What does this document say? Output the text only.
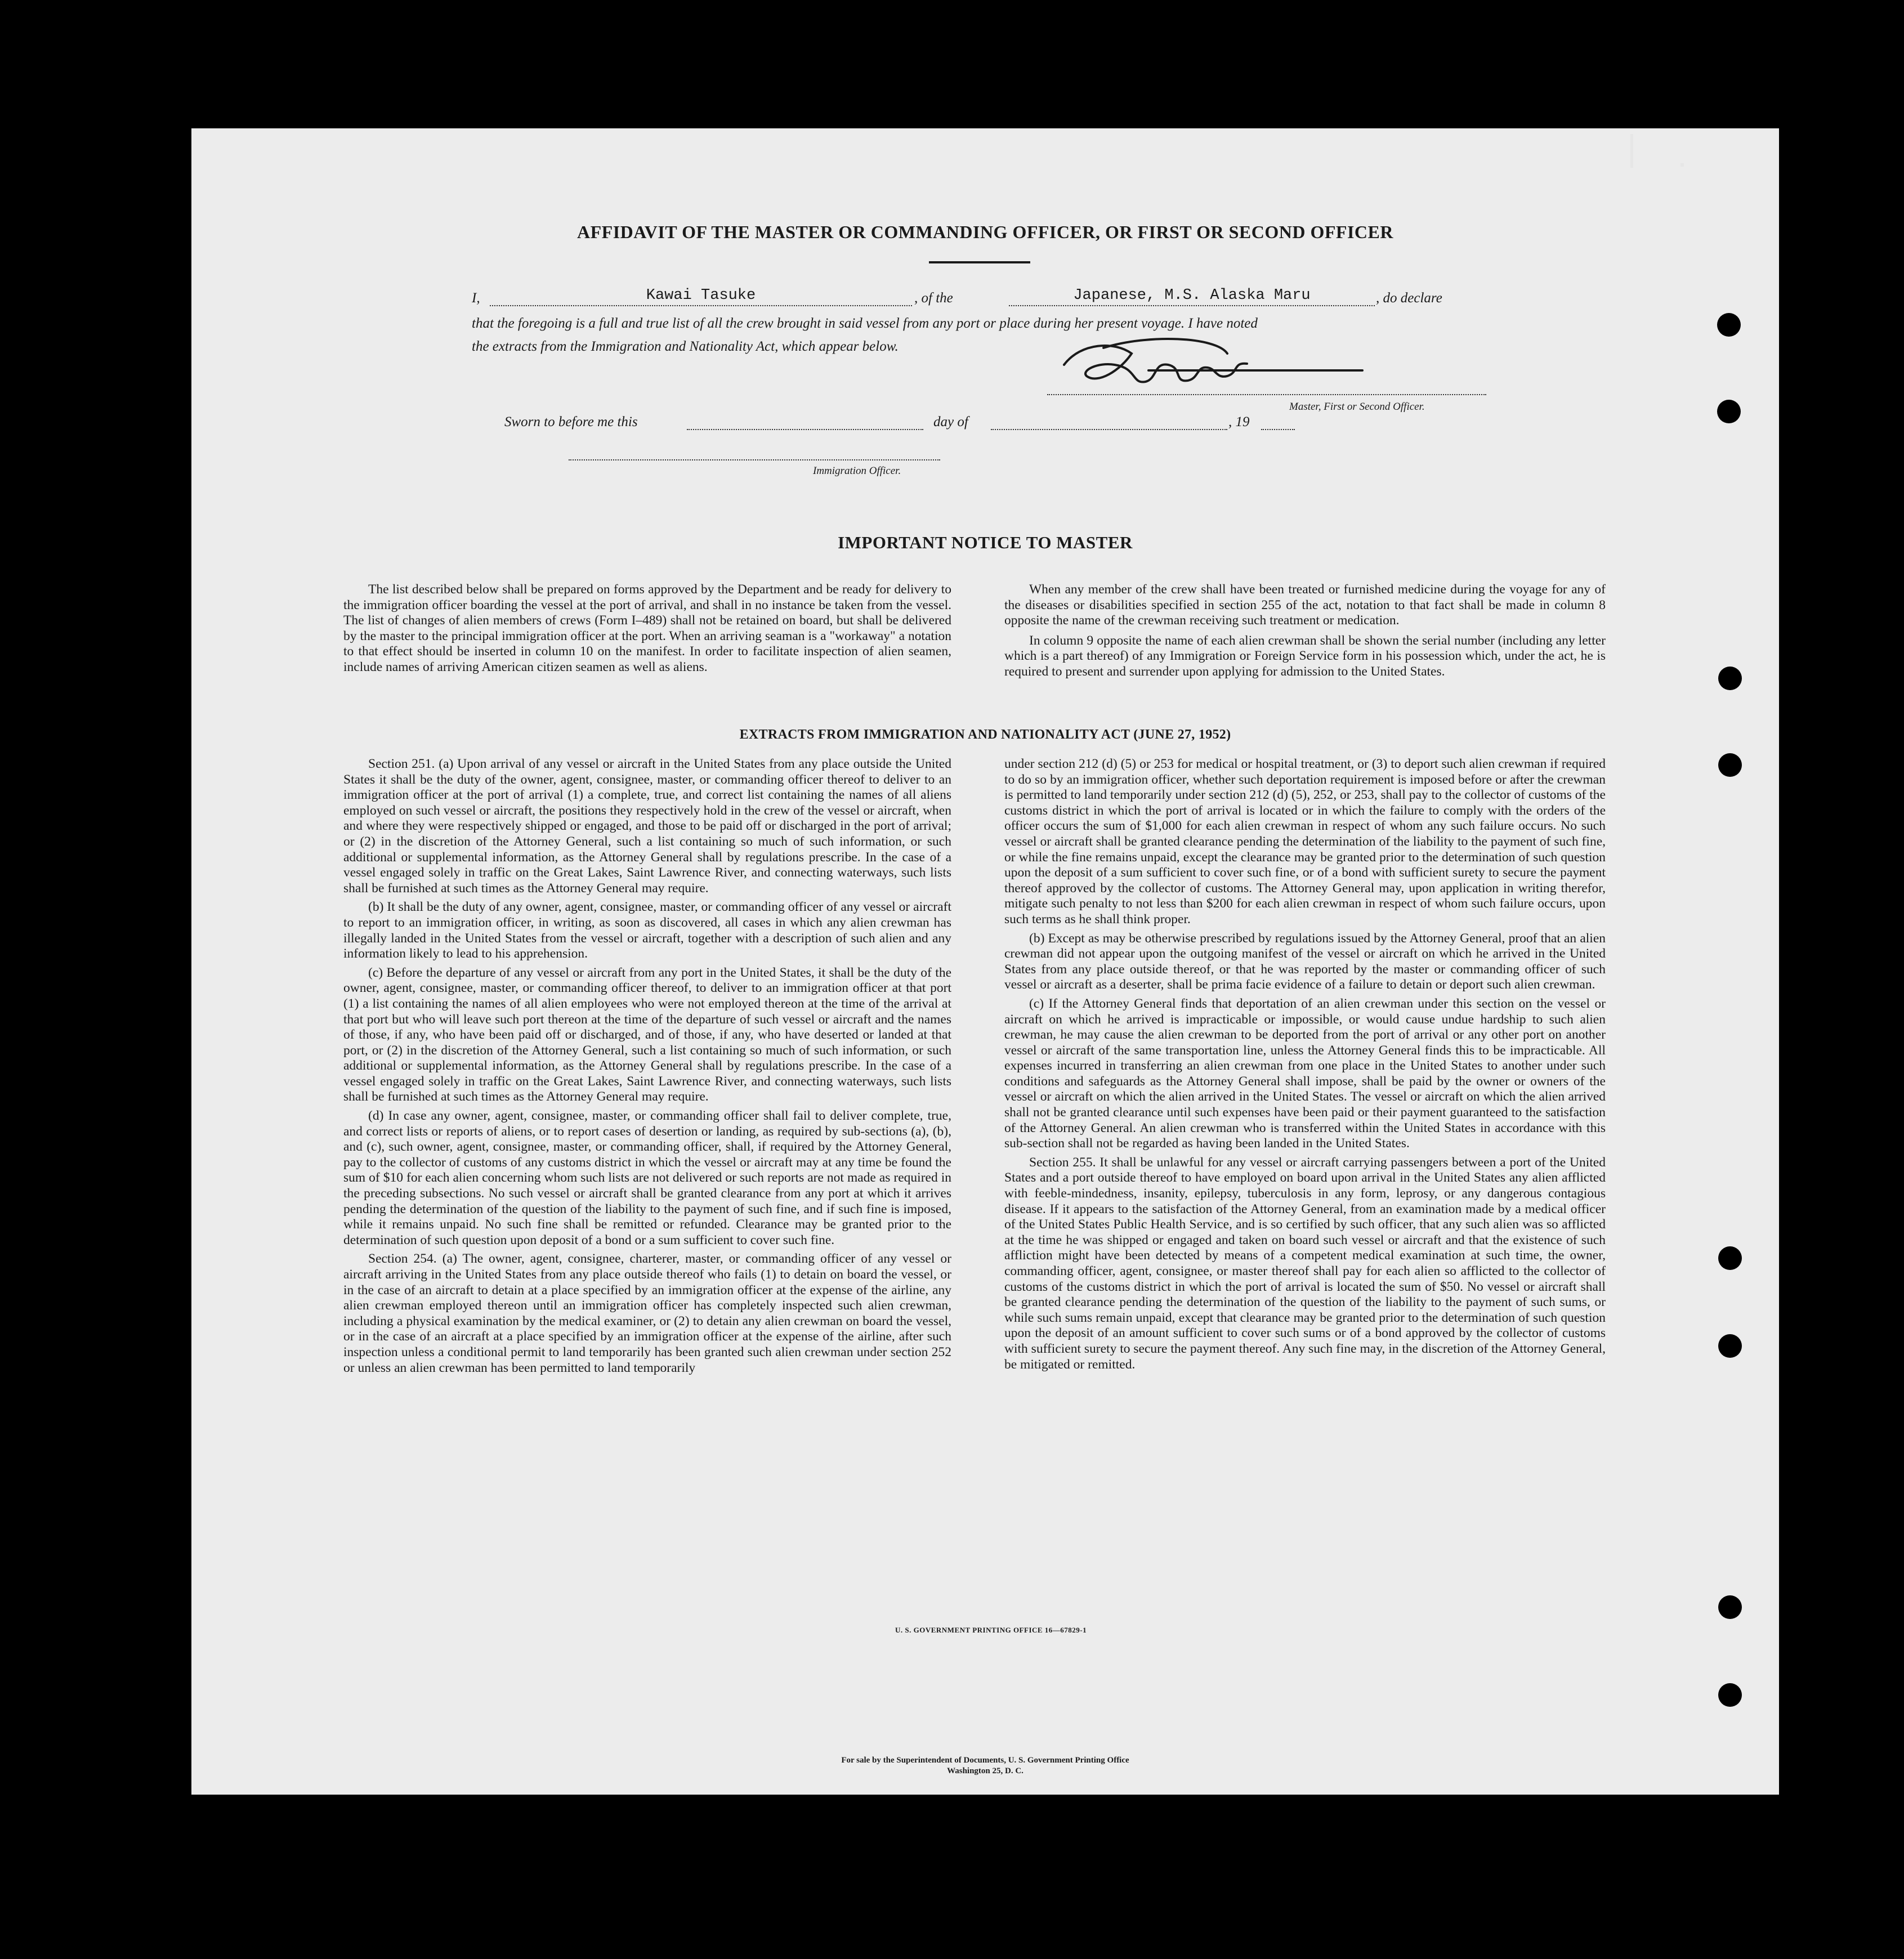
AFFIDAVIT OF THE MASTER OR COMMANDING OFFICER, OR FIRST OR SECOND OFFICER
I,	Kawai Tasuke	, of the	Japanese, M.S. Alaska Maru	, do declare
that the foregoing is a full and true list of all the crew brought in said vessel from any port or place during her present voyage. I have noted
the extracts from the Immigration and Nationality Act, which appear below.
Master, First or Second Officer.
Sworn to before me this	day of	, 19
Immigration Officer.
IMPORTANT NOTICE TO MASTER
The list described below shall be prepared on forms approved by the Department and be ready for delivery to the immigration officer boarding the vessel at the port of arrival, and shall in no instance be taken from the vessel. The list of changes of alien members of crews (Form I–489) shall not be retained on board, but shall be delivered by the master to the principal immigration officer at the port. When an arriving seaman is a "workaway" a notation to that effect should be inserted in column 10 on the manifest. In order to facilitate inspection of alien seamen, include names of arriving American citizen seamen as well as aliens.

When any member of the crew shall have been treated or furnished medicine during the voyage for any of the diseases or disabilities specified in section 255 of the act, notation to that fact shall be made in column 8 opposite the name of the crewman receiving such treatment or medication.

In column 9 opposite the name of each alien crewman shall be shown the serial number (including any letter which is a part thereof) of any Immigration or Foreign Service form in his possession which, under the act, he is required to present and surrender upon applying for admission to the United States.

EXTRACTS FROM IMMIGRATION AND NATIONALITY ACT (JUNE 27, 1952)

Section 251. (a) Upon arrival of any vessel or aircraft in the United States from any place outside the United States it shall be the duty of the owner, agent, consignee, master, or commanding officer thereof to deliver to an immigration officer at the port of arrival (1) a complete, true, and correct list containing the names of all aliens employed on such vessel or aircraft, the positions they respectively hold in the crew of the vessel or aircraft, when and where they were respectively shipped or engaged, and those to be paid off or discharged in the port of arrival; or (2) in the discretion of the Attorney General, such a list containing so much of such information, or such additional or supplemental information, as the Attorney General shall by regulations prescribe. In the case of a vessel engaged solely in traffic on the Great Lakes, Saint Lawrence River, and connecting waterways, such lists shall be furnished at such times as the Attorney General may require.

(b) It shall be the duty of any owner, agent, consignee, master, or commanding officer of any vessel or aircraft to report to an immigration officer, in writing, as soon as discovered, all cases in which any alien crewman has illegally landed in the United States from the vessel or aircraft, together with a description of such alien and any information likely to lead to his apprehension.

(c) Before the departure of any vessel or aircraft from any port in the United States, it shall be the duty of the owner, agent, consignee, master, or commanding officer thereof, to deliver to an immigration officer at that port (1) a list containing the names of all alien employees who were not employed thereon at the time of the arrival at that port but who will leave such port thereon at the time of the departure of such vessel or aircraft and the names of those, if any, who have been paid off or discharged, and of those, if any, who have deserted or landed at that port, or (2) in the discretion of the Attorney General, such a list containing so much of such information, or such additional or supplemental information, as the Attorney General shall by regulations prescribe. In the case of a vessel engaged solely in traffic on the Great Lakes, Saint Lawrence River, and connecting waterways, such lists shall be furnished at such times as the Attorney General may require.

(d) In case any owner, agent, consignee, master, or commanding officer shall fail to deliver complete, true, and correct lists or reports of aliens, or to report cases of desertion or landing, as required by sub-sections (a), (b), and (c), such owner, agent, consignee, master, or commanding officer, shall, if required by the Attorney General, pay to the collector of customs of any customs district in which the vessel or aircraft may at any time be found the sum of $10 for each alien concerning whom such lists are not delivered or such reports are not made as required in the preceding subsections. No such vessel or aircraft shall be granted clearance from any port at which it arrives pending the determination of the question of the liability to the payment of such fine, and if such fine is imposed, while it remains unpaid. No such fine shall be remitted or refunded. Clearance may be granted prior to the determination of such question upon deposit of a bond or a sum sufficient to cover such fine.

Section 254. (a) The owner, agent, consignee, charterer, master, or commanding officer of any vessel or aircraft arriving in the United States from any place outside thereof who fails (1) to detain on board the vessel, or in the case of an aircraft to detain at a place specified by an immigration officer at the expense of the airline, any alien crewman employed thereon until an immigration officer has completely inspected such alien crewman, including a physical examination by the medical examiner, or (2) to detain any alien crewman on board the vessel, or in the case of an aircraft at a place specified by an immigration officer at the expense of the airline, after such inspection unless a conditional permit to land temporarily has been granted such alien crewman under section 252 or unless an alien crewman has been permitted to land temporarily

under section 212 (d) (5) or 253 for medical or hospital treatment, or (3) to deport such alien crewman if required to do so by an immigration officer, whether such deportation requirement is imposed before or after the crewman is permitted to land temporarily under section 212 (d) (5), 252, or 253, shall pay to the collector of customs of the customs district in which the port of arrival is located or in which the failure to comply with the orders of the officer occurs the sum of $1,000 for each alien crewman in respect of whom any such failure occurs. No such vessel or aircraft shall be granted clearance pending the determination of the liability to the payment of such fine, or while the fine remains unpaid, except the clearance may be granted prior to the determination of such question upon the deposit of a sum sufficient to cover such fine, or of a bond with sufficient surety to secure the payment thereof approved by the collector of customs. The Attorney General may, upon application in writing therefor, mitigate such penalty to not less than $200 for each alien crewman in respect of whom such failure occurs, upon such terms as he shall think proper.

(b) Except as may be otherwise prescribed by regulations issued by the Attorney General, proof that an alien crewman did not appear upon the outgoing manifest of the vessel or aircraft on which he arrived in the United States from any place outside thereof, or that he was reported by the master or commanding officer of such vessel or aircraft as a deserter, shall be prima facie evidence of a failure to detain or deport such alien crewman.

(c) If the Attorney General finds that deportation of an alien crewman under this section on the vessel or aircraft on which he arrived is impracticable or impossible, or would cause undue hardship to such alien crewman, he may cause the alien crewman to be deported from the port of arrival or any other port on another vessel or aircraft of the same transportation line, unless the Attorney General finds this to be impracticable. All expenses incurred in transferring an alien crewman from one place in the United States to another under such conditions and safeguards as the Attorney General shall impose, shall be paid by the owner or owners of the vessel or aircraft on which the alien arrived in the United States. The vessel or aircraft on which the alien arrived shall not be granted clearance until such expenses have been paid or their payment guaranteed to the satisfaction of the Attorney General. An alien crewman who is transferred within the United States in accordance with this sub-section shall not be regarded as having been landed in the United States.

Section 255. It shall be unlawful for any vessel or aircraft carrying passengers between a port of the United States and a port outside thereof to have employed on board upon arrival in the United States any alien afflicted with feeble-mindedness, insanity, epilepsy, tuberculosis in any form, leprosy, or any dangerous contagious disease. If it appears to the satisfaction of the Attorney General, from an examination made by a medical officer of the United States Public Health Service, and is so certified by such officer, that any such alien was so afflicted at the time he was shipped or engaged and taken on board such vessel or aircraft and that the existence of such affliction might have been detected by means of a competent medical examination at such time, the owner, commanding officer, agent, consignee, or master thereof shall pay for each alien so afflicted to the collector of customs of the customs district in which the port of arrival is located the sum of $50. No vessel or aircraft shall be granted clearance pending the determination of the question of the liability to the payment of such sums, or while such sums remain unpaid, except that clearance may be granted prior to the determination of such question upon the deposit of an amount sufficient to cover such sums or of a bond approved by the collector of customs with sufficient surety to secure the payment thereof. Any such fine may, in the discretion of the Attorney General, be mitigated or remitted.

U. S. GOVERNMENT PRINTING OFFICE 16—67829-1
For sale by the Superintendent of Documents, U. S. Government Printing Office
Washington 25, D. C.
